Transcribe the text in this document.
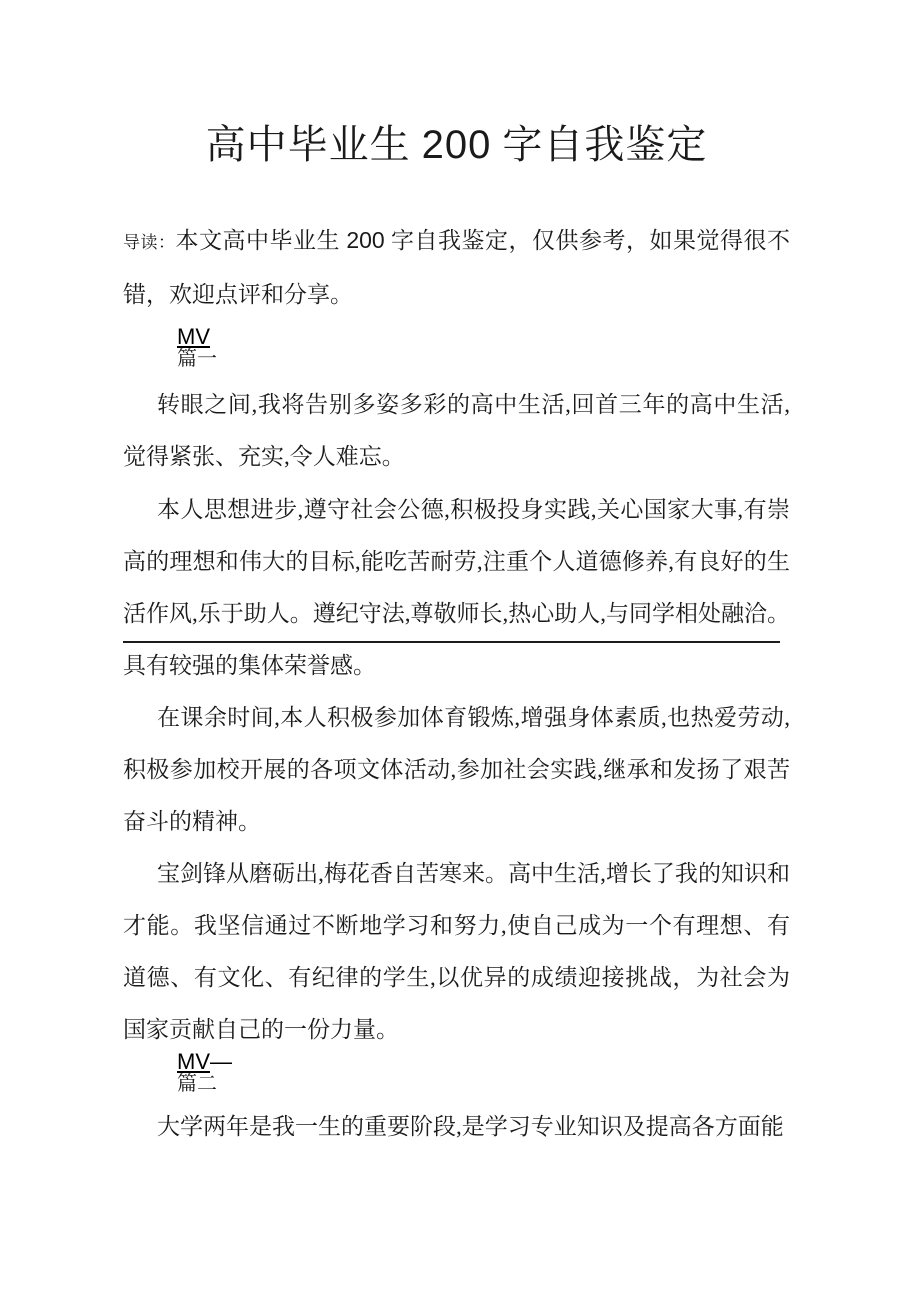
高中毕业生 200 字自我鉴定

导读：本文高中毕业生 200 字自我鉴定，仅供参考，如果觉得很不错，欢迎点评和分享。

MV
篇一

转眼之间,我将告别多姿多彩的高中生活,回首三年的高中生活,觉得紧张、充实,令人难忘。

本人思想进步,遵守社会公德,积极投身实践,关心国家大事,有崇高的理想和伟大的目标,能吃苦耐劳,注重个人道德修养,有良好的生活作风,乐于助人。遵纪守法,尊敬师长,热心助人,与同学相处融洽。具有较强的集体荣誉感。

在课余时间,本人积极参加体育锻炼,增强身体素质,也热爱劳动,积极参加校开展的各项文体活动,参加社会实践,继承和发扬了艰苦奋斗的精神。

宝剑锋从磨砺出,梅花香自苦寒来。高中生活,增长了我的知识和才能。我坚信通过不断地学习和努力,使自己成为一个有理想、有道德、有文化、有纪律的学生,以优异的成绩迎接挑战，为社会为国家贡献自己的一份力量。

MV—
篇二

大学两年是我一生的重要阶段,是学习专业知识及提高各方面能
